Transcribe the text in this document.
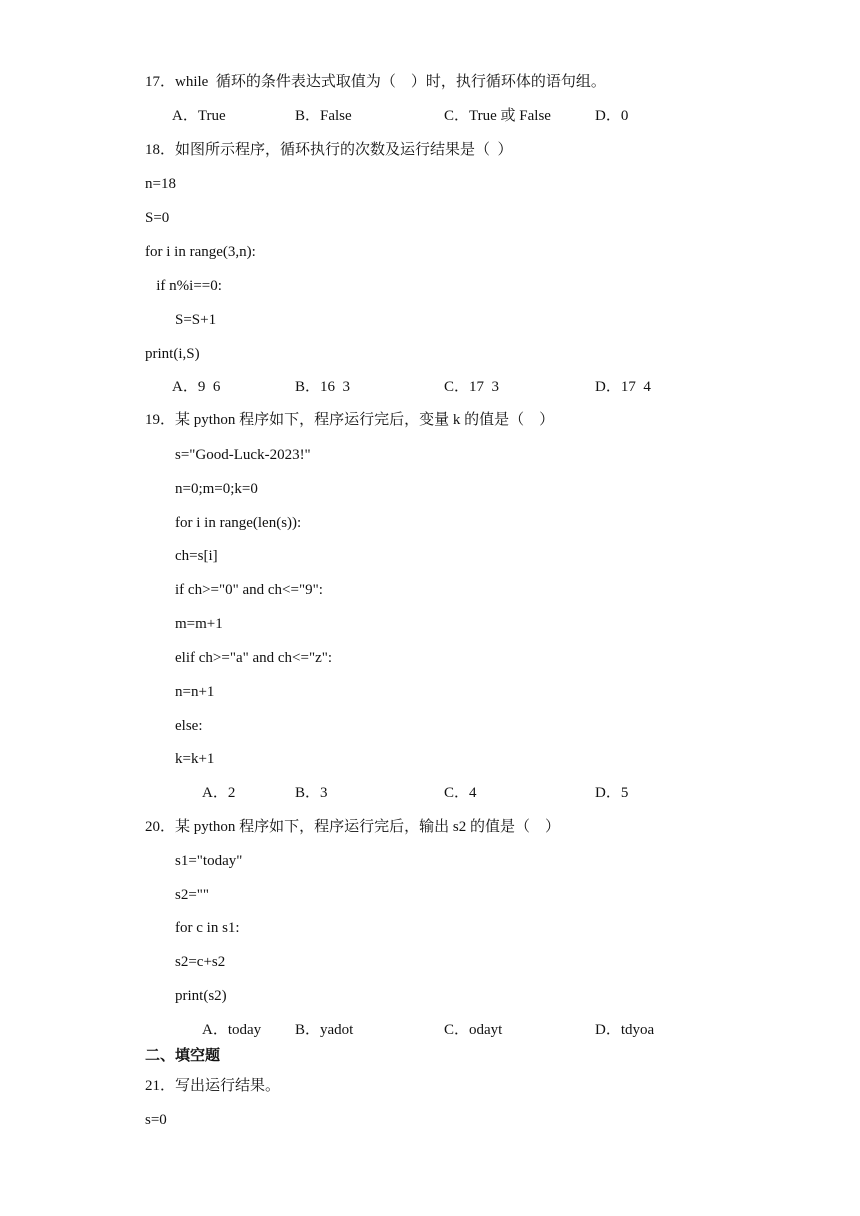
17．while  循环的条件表达式取值为（    ）时，执行循环体的语句组。
A．True	B．False	C．True 或 False	D．0
18．如图所示程序，循环执行的次数及运行结果是（  ）
n=18
S=0
for i in range(3,n):
if n%i==0:
S=S+1
print(i,S)
A．9  6	B．16  3	C．17  3	D．17  4
19．某 python 程序如下，程序运行完后，变量 k 的值是（    ）
s="Good-Luck-2023!"
n=0;m=0;k=0
for i in range(len(s)):
ch=s[i]
if ch>="0" and ch<="9":
m=m+1
elif ch>="a" and ch<="z":
n=n+1
else:
k=k+1
A．2	B．3	C．4	D．5
20．某 python 程序如下，程序运行完后，输出 s2 的值是（    ）
s1="today"
s2=""
for c in s1:
s2=c+s2
print(s2)
A．today B．yadot	C．odayt	D．tdyoa
二、填空题
21．写出运行结果。
s=0
